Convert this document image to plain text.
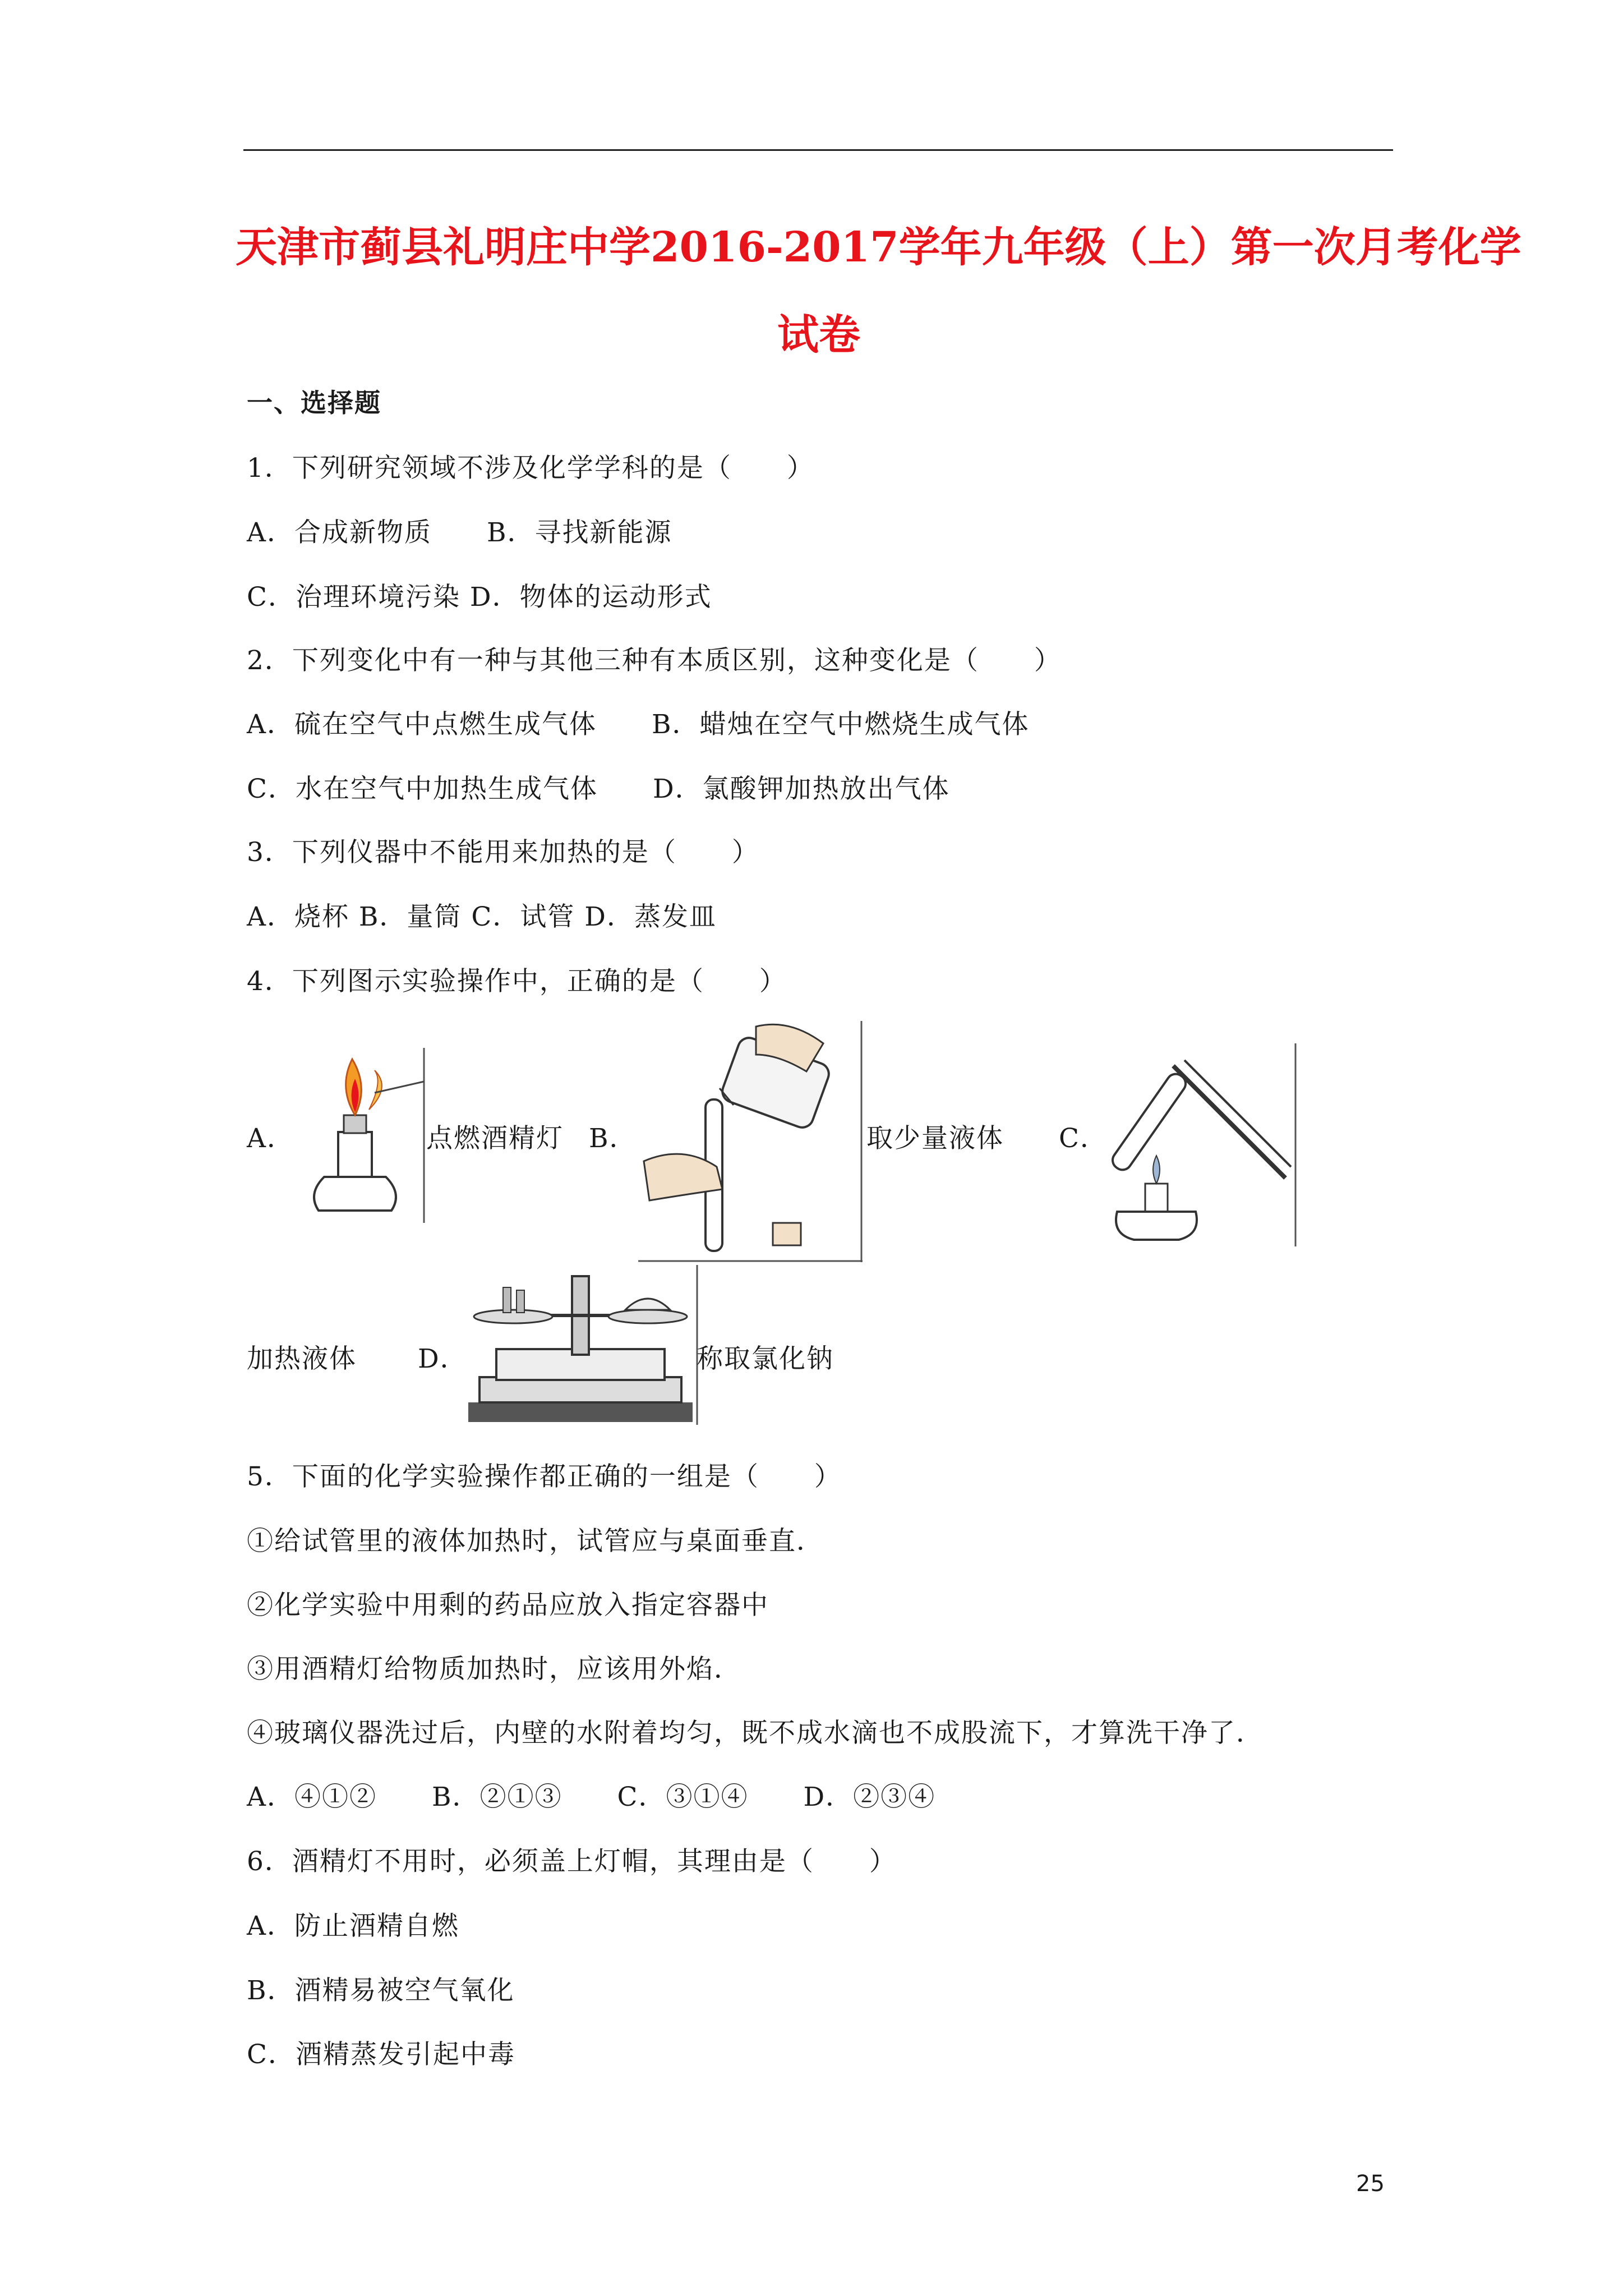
天津市蓟县礼明庄中学2016-2017学年九年级（上）第一次月考化学
试卷
一、选择题
1．下列研究领域不涉及化学学科的是（　　）
A．合成新物质　　B．寻找新能源
C．治理环境污染 D．物体的运动形式
2．下列变化中有一种与其他三种有本质区别，这种变化是（　　）
A．硫在空气中点燃生成气体　　B．蜡烛在空气中燃烧生成气体
C．水在空气中加热生成气体　　D．氯酸钾加热放出气体
3．下列仪器中不能用来加热的是（　　）
A．烧杯 B．量筒 C．试管 D．蒸发皿
4．下列图示实验操作中，正确的是（　　）
A．	点燃酒精灯 B．	取少量液体 C．
加热液体 D．	称取氯化钠
5．下面的化学实验操作都正确的一组是（　　）
①给试管里的液体加热时，试管应与桌面垂直．
②化学实验中用剩的药品应放入指定容器中
③用酒精灯给物质加热时，应该用外焰．
④玻璃仪器洗过后，内壁的水附着均匀，既不成水滴也不成股流下，才算洗干净了．
A．④①②　　B．②①③　　C．③①④　　D．②③④
6．酒精灯不用时，必须盖上灯帽，其理由是（　　）
A．防止酒精自燃
B．酒精易被空气氧化
C．酒精蒸发引起中毒
25
